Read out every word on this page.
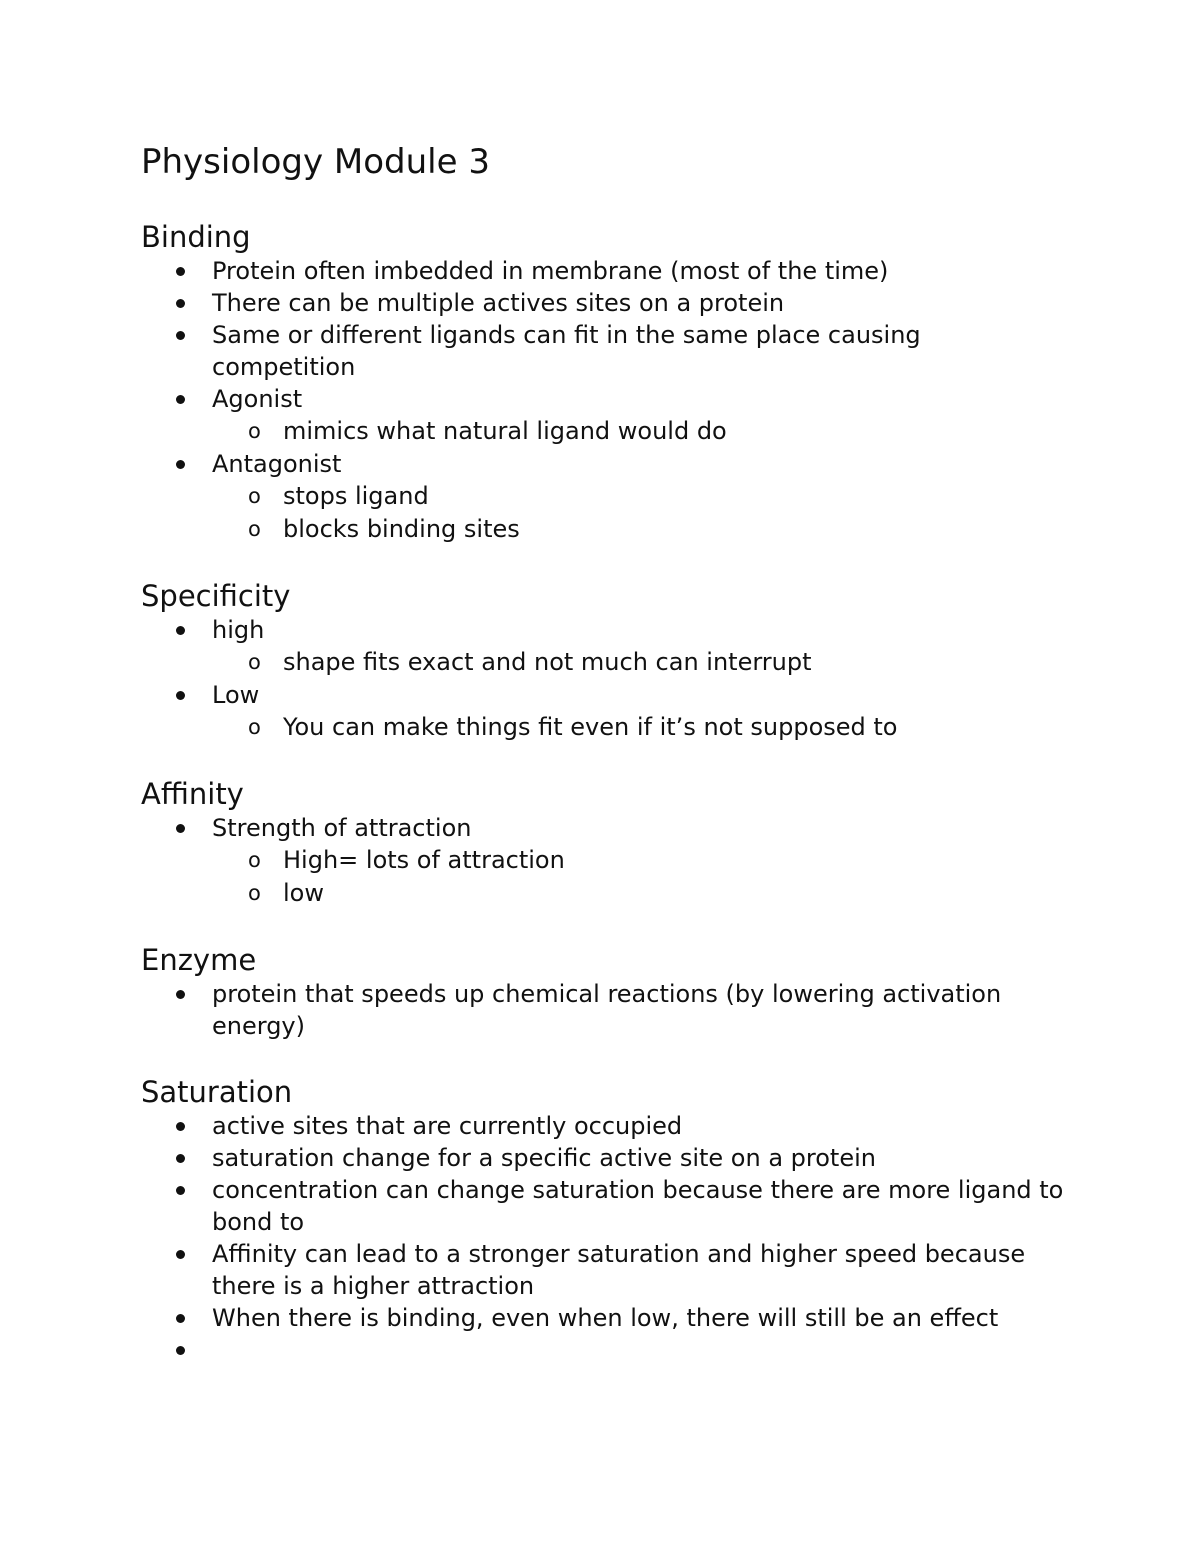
Physiology Module 3
Binding
Protein often imbedded in membrane (most of the time)
There can be multiple actives sites on a protein
Same or different ligands can fit in the same place causing competition
Agonist
o mimics what natural ligand would do
Antagonist
o stops ligand
o blocks binding sites
Specificity
high
o shape fits exact and not much can interrupt
Low
o You can make things fit even if it’s not supposed to
Affinity
Strength of attraction
o High= lots of attraction
o low
Enzyme
protein that speeds up chemical reactions (by lowering activation energy)
Saturation
active sites that are currently occupied
saturation change for a specific active site on a protein
concentration can change saturation because there are more ligand to bond to
Affinity can lead to a stronger saturation and higher speed because there is a higher attraction
When there is binding, even when low, there will still be an effect
